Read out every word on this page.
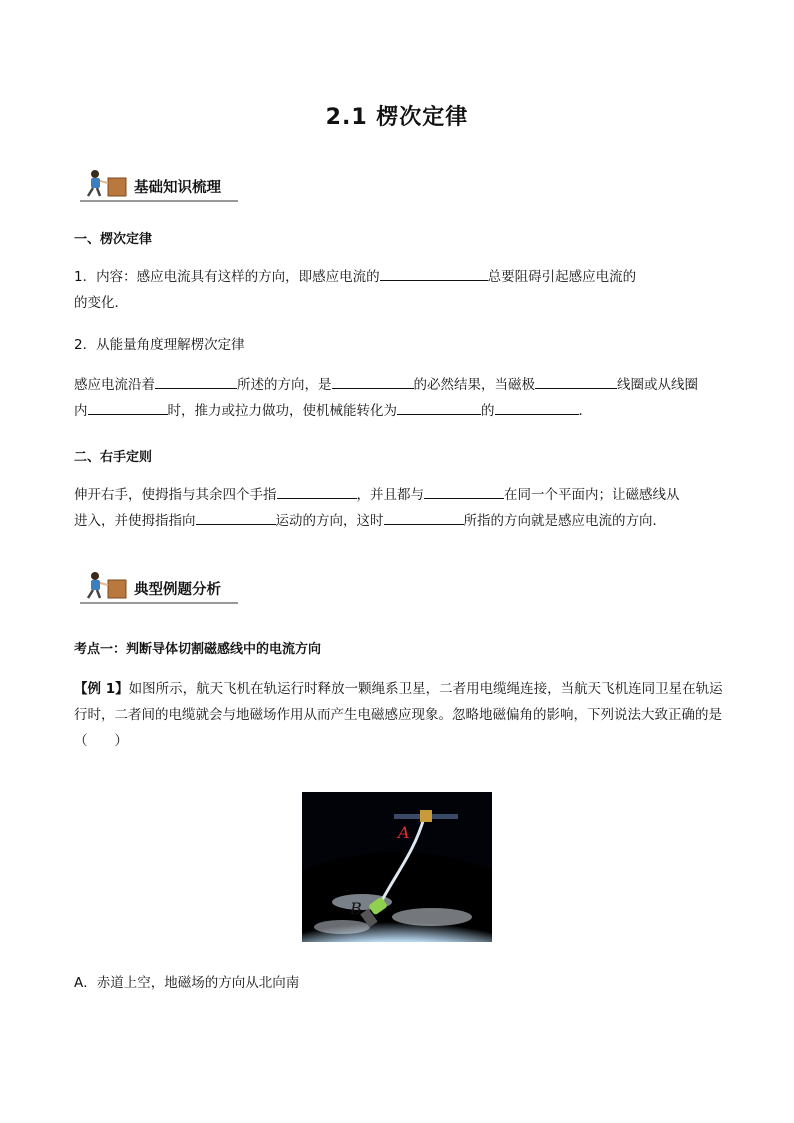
2.1 楞次定律
基础知识梳理
一、楞次定律
1．内容：感应电流具有这样的方向，即感应电流的	总要阻碍引起感应电流的
的变化．
2．从能量角度理解楞次定律
感应电流沿着	所述的方向，是	的必然结果，当磁极	线圈或从线圈
内	时，推力或拉力做功，使机械能转化为	的	．
二、右手定则
伸开右手，使拇指与其余四个手指	，并且都与	在同一个平面内；让磁感线从
进入，并使拇指指向	运动的方向，这时	所指的方向就是感应电流的方向．
典型例题分析
考点一：判断导体切割磁感线中的电流方向
【例 1】如图所示，航天飞机在轨运行时释放一颗绳系卫星，二者用电缆绳连接，当航天飞机连同卫星在轨运行时，二者间的电缆就会与地磁场作用从而产生电磁感应现象。忽略地磁偏角的影响，下列说法大致正确的是（　　）
A
B
A．赤道上空，地磁场的方向从北向南
